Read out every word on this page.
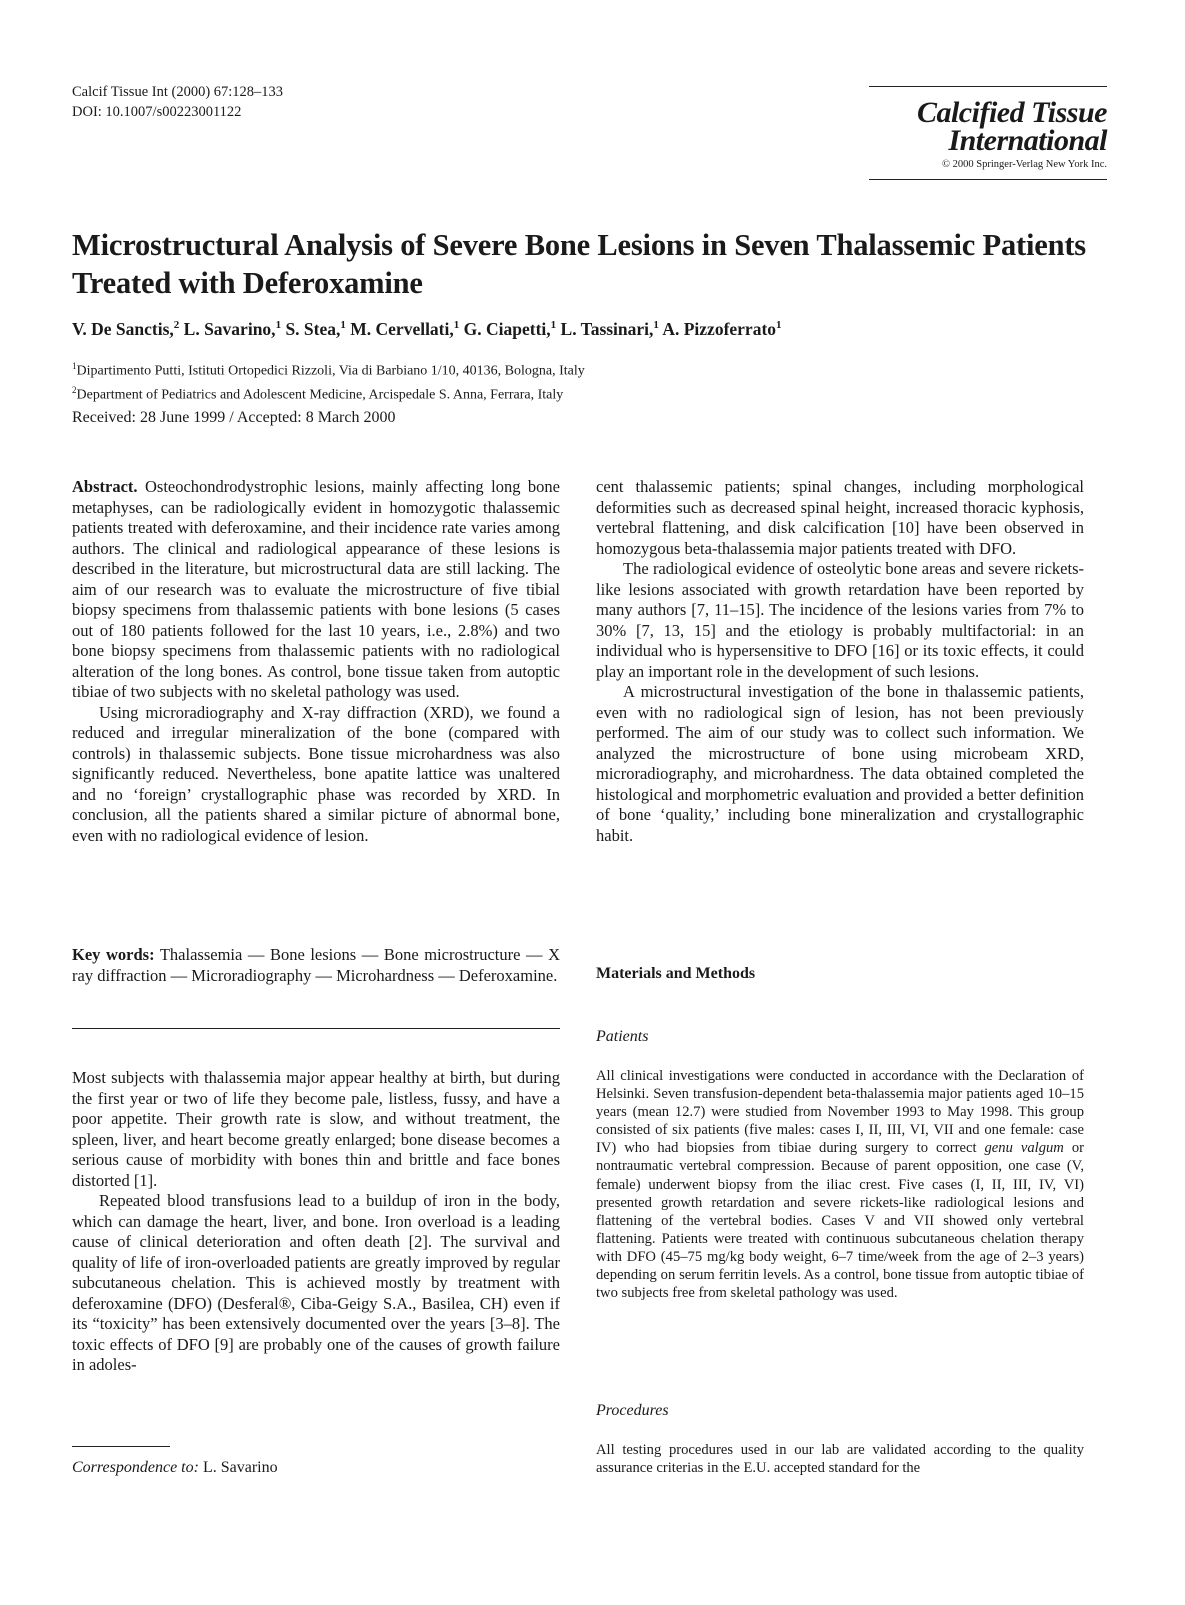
Calcif Tissue Int (2000) 67:128–133
DOI: 10.1007/s00223001122	Calcified Tissue
International
© 2000 Springer-Verlag New York Inc.
Microstructural Analysis of Severe Bone Lesions in Seven Thalassemic Patients Treated with Deferoxamine
V. De Sanctis,$^2$ L. Savarino,$^1$ S. Stea,$^1$ M. Cervellati,$^1$ G. Ciapetti,$^1$ L. Tassinari,$^1$ A. Pizzoferrato$^1$
$^1$Dipartimento Putti, Istituti Ortopedici Rizzoli, Via di Barbiano 1/10, 40136, Bologna, Italy
$^2$Department of Pediatrics and Adolescent Medicine, Arcispedale S. Anna, Ferrara, Italy
Received: 28 June 1999 / Accepted: 8 March 2000

Abstract. Osteochondrodystrophic lesions, mainly affecting long bone metaphyses, can be radiologically evident in homozygotic thalassemic patients treated with deferoxamine, and their incidence rate varies among authors. The clinical and radiological appearance of these lesions is described in the literature, but microstructural data are still lacking. The aim of our research was to evaluate the microstructure of five tibial biopsy specimens from thalassemic patients with bone lesions (5 cases out of 180 patients followed for the last 10 years, i.e., 2.8%) and two bone biopsy specimens from thalassemic patients with no radiological alteration of the long bones. As control, bone tissue taken from autoptic tibiae of two subjects with no skeletal pathology was used.

Using microradiography and X-ray diffraction (XRD), we found a reduced and irregular mineralization of the bone (compared with controls) in thalassemic subjects. Bone tissue microhardness was also significantly reduced. Nevertheless, bone apatite lattice was unaltered and no ‘foreign’ crystallographic phase was recorded by XRD. In conclusion, all the patients shared a similar picture of abnormal bone, even with no radiological evidence of lesion.

Key words: Thalassemia — Bone lesions — Bone microstructure — X ray diffraction — Microradiography — Microhardness — Deferoxamine.

Most subjects with thalassemia major appear healthy at birth, but during the first year or two of life they become pale, listless, fussy, and have a poor appetite. Their growth rate is slow, and without treatment, the spleen, liver, and heart become greatly enlarged; bone disease becomes a serious cause of morbidity with bones thin and brittle and face bones distorted [1].

Repeated blood transfusions lead to a buildup of iron in the body, which can damage the heart, liver, and bone. Iron overload is a leading cause of clinical deterioration and often death [2]. The survival and quality of life of iron-overloaded patients are greatly improved by regular subcutaneous chelation. This is achieved mostly by treatment with deferoxamine (DFO) (Desferal®, Ciba-Geigy S.A., Basilea, CH) even if its “toxicity” has been extensively documented over the years [3–8]. The toxic effects of DFO [9] are probably one of the causes of growth failure in adoles-

Correspondence to: L. Savarino

cent thalassemic patients; spinal changes, including morphological deformities such as decreased spinal height, increased thoracic kyphosis, vertebral flattening, and disk calcification [10] have been observed in homozygous beta-thalassemia major patients treated with DFO.

The radiological evidence of osteolytic bone areas and severe rickets-like lesions associated with growth retardation have been reported by many authors [7, 11–15]. The incidence of the lesions varies from 7% to 30% [7, 13, 15] and the etiology is probably multifactorial: in an individual who is hypersensitive to DFO [16] or its toxic effects, it could play an important role in the development of such lesions.

A microstructural investigation of the bone in thalassemic patients, even with no radiological sign of lesion, has not been previously performed. The aim of our study was to collect such information. We analyzed the microstructure of bone using microbeam XRD, microradiography, and microhardness. The data obtained completed the histological and morphometric evaluation and provided a better definition of bone ‘quality,’ including bone mineralization and crystallographic habit.

Materials and Methods
Patients

All clinical investigations were conducted in accordance with the Declaration of Helsinki. Seven transfusion-dependent beta-thalassemia major patients aged 10–15 years (mean 12.7) were studied from November 1993 to May 1998. This group consisted of six patients (five males: cases I, II, III, VI, VII and one female: case IV) who had biopsies from tibiae during surgery to correct genu valgum or nontraumatic vertebral compression. Because of parent opposition, one case (V, female) underwent biopsy from the iliac crest. Five cases (I, II, III, IV, VI) presented growth retardation and severe rickets-like radiological lesions and flattening of the vertebral bodies. Cases V and VII showed only vertebral flattening. Patients were treated with continuous subcutaneous chelation therapy with DFO (45–75 mg/kg body weight, 6–7 time/week from the age of 2–3 years) depending on serum ferritin levels. As a control, bone tissue from autoptic tibiae of two subjects free from skeletal pathology was used.

Procedures

All testing procedures used in our lab are validated according to the quality assurance criterias in the E.U. accepted standard for the
